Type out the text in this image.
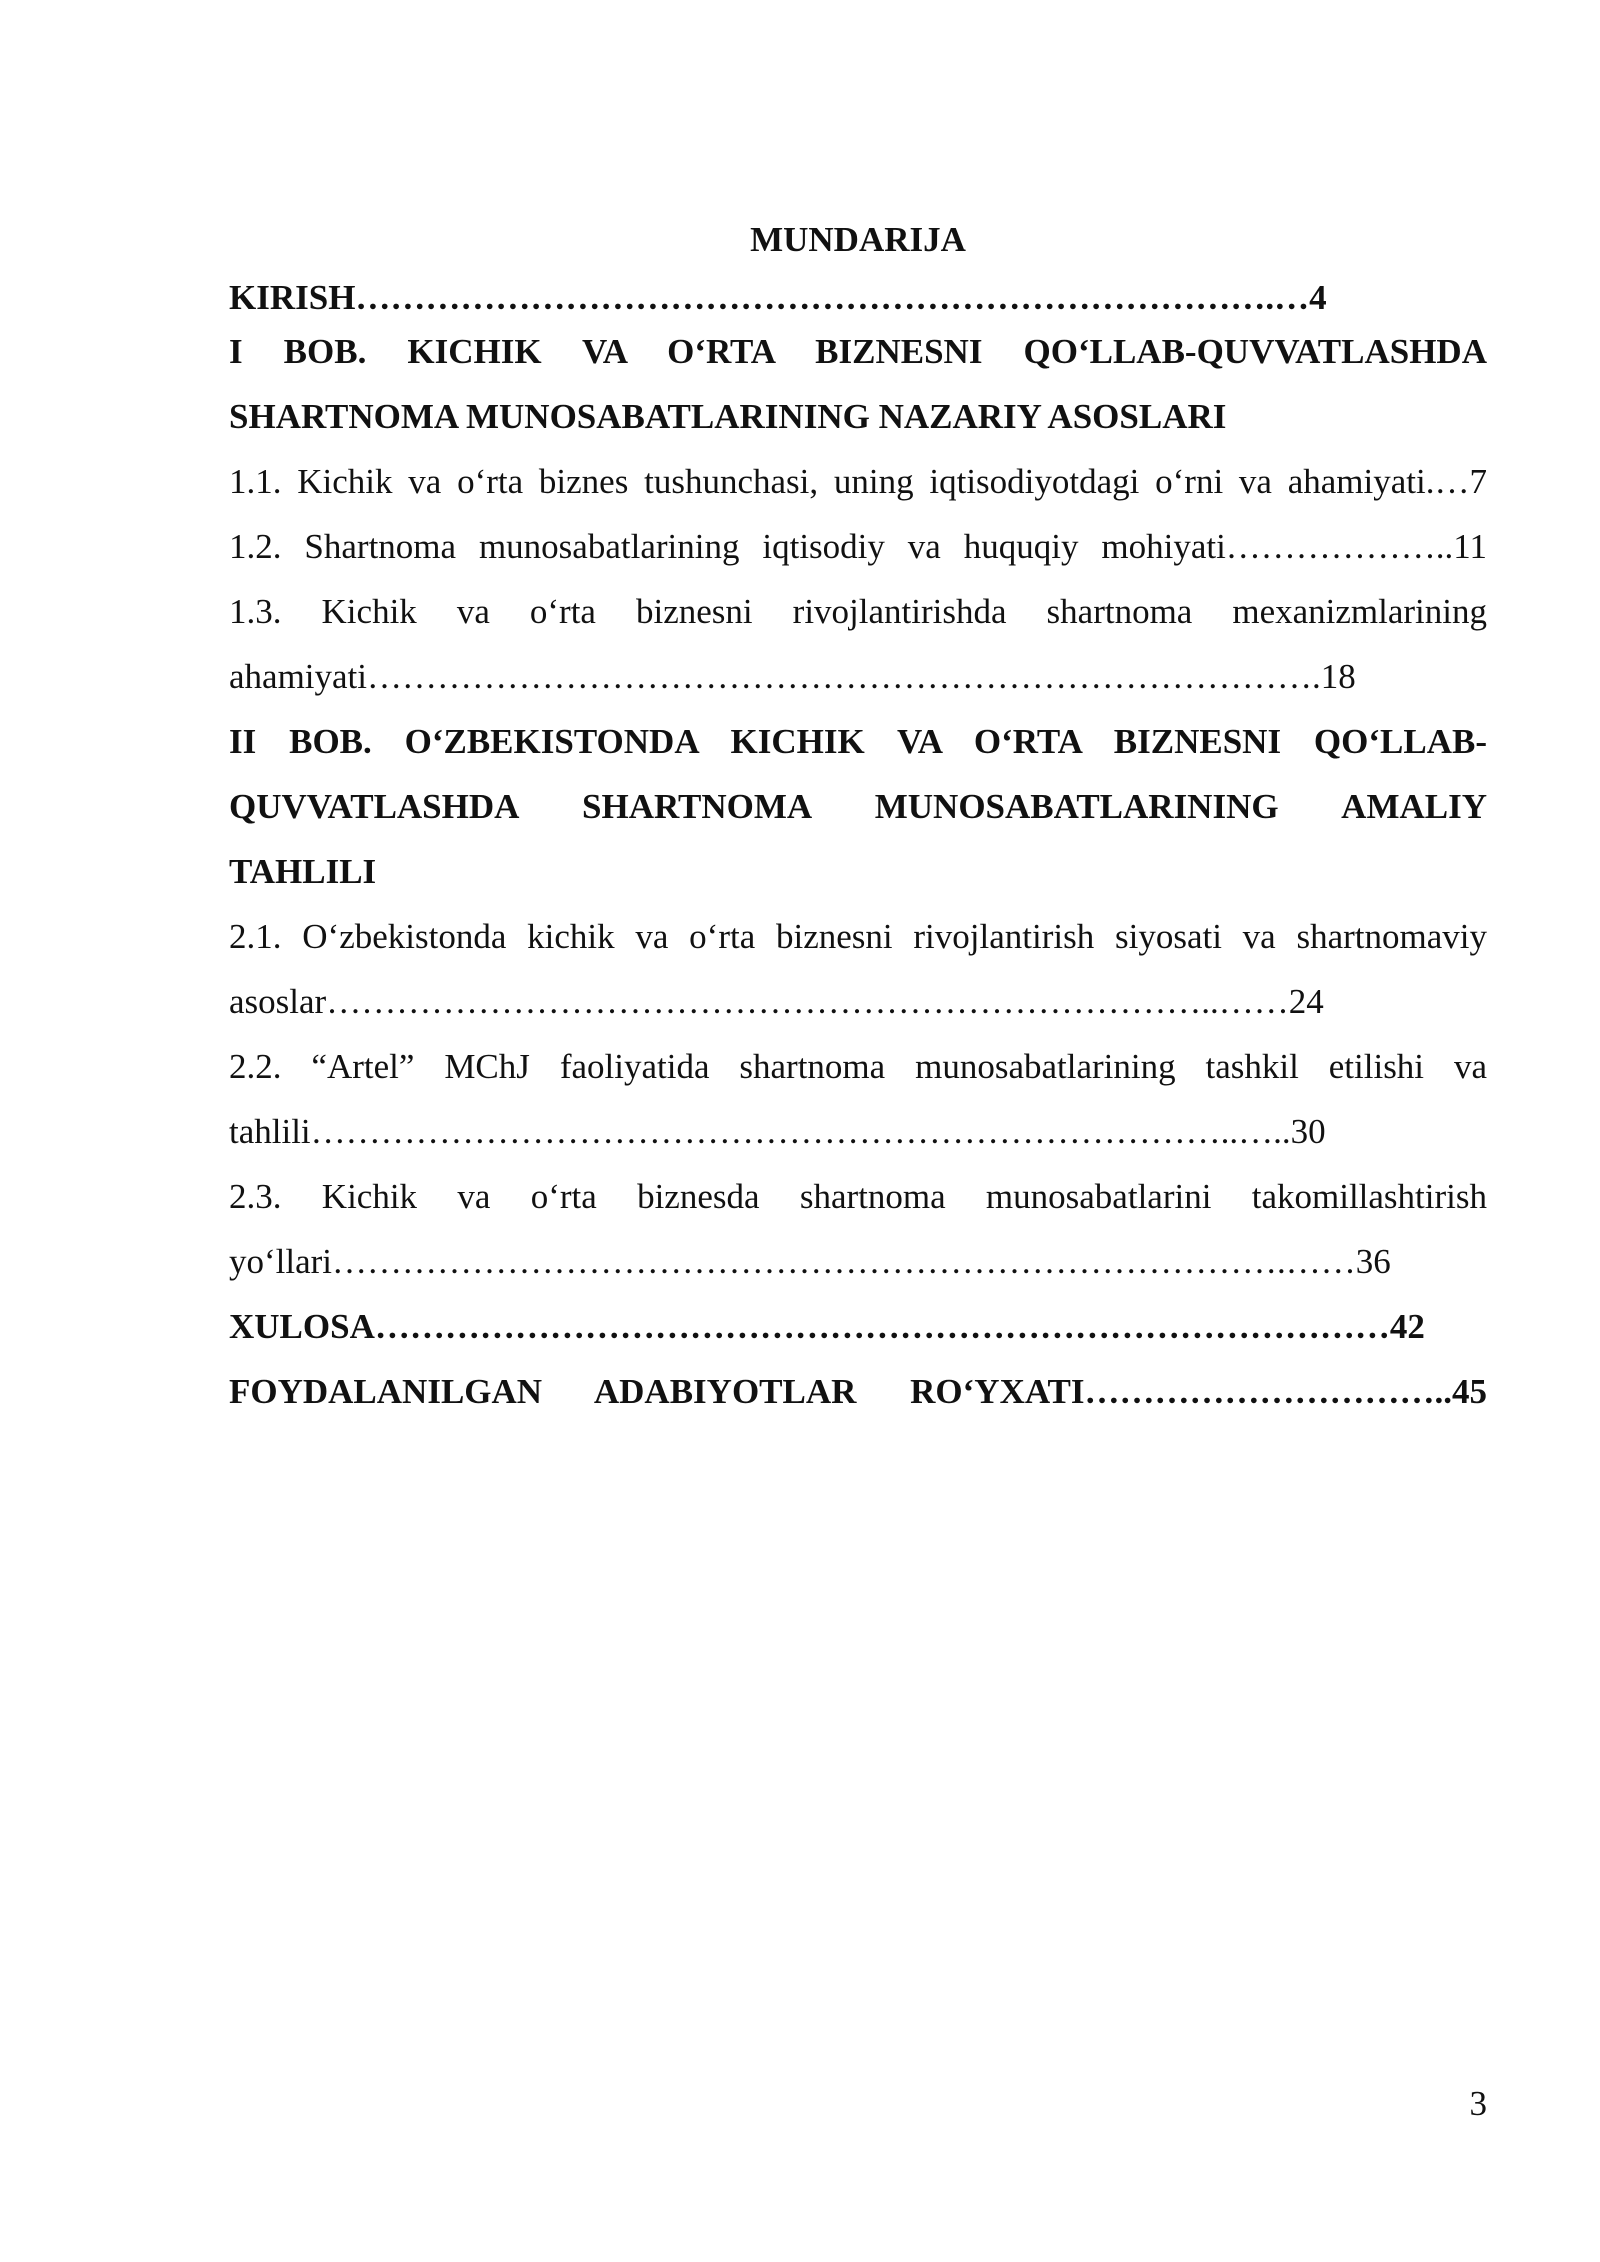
MUNDARIJA
KIRISH…………………………………………………………………….…4
I BOB. KICHIK VA O‘RTA BIZNESNI QO‘LLAB-QUVVATLASHDA
SHARTNOMA MUNOSABATLARINING NAZARIY ASOSLARI
1.1. Kichik va o‘rta biznes tushunchasi, uning iqtisodiyotdagi o‘rni va ahamiyati.…7
1.2. Shartnoma munosabatlarining iqtisodiy va huquqiy mohiyati………………..11
1.3. Kichik va o‘rta biznesni rivojlantirishda shartnoma mexanizmlarining
ahamiyati……………………………………………………………………….18
II BOB. O‘ZBEKISTONDA KICHIK VA O‘RTA BIZNESNI QO‘LLAB-
QUVVATLASHDA SHARTNOMA MUNOSABATLARINING AMALIY
TAHLILI
2.1. O‘zbekistonda kichik va o‘rta biznesni rivojlantirish siyosati va shartnomaviy
asoslar…………………………………………………………………..……24
2.2. “Artel” MChJ faoliyatida shartnoma munosabatlarining tashkil etilishi va
tahlili……………………………………………………………………..…..30
2.3. Kichik va o‘rta biznesda shartnoma munosabatlarini takomillashtirish
yo‘llari……………………………………………………………………….……36
XULOSA……………………………………………………………………………42
FOYDALANILGAN ADABIYOTLAR RO‘YXATI…………………………..45
3
